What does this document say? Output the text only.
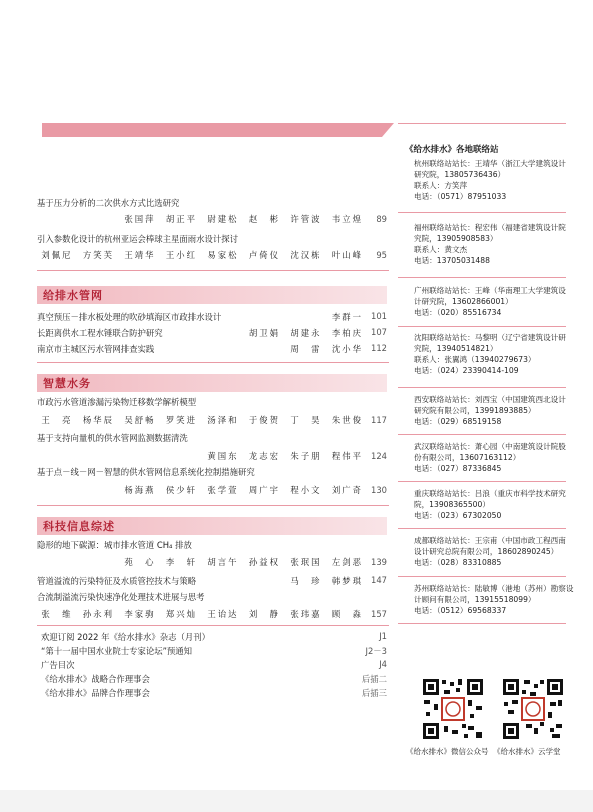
基于压力分析的二次供水方式比选研究
张国萍　胡正平　尉建松　赵　彬　许管波　韦立煌	89
引入参数化设计的杭州亚运会棒球主星面雨水设计探讨
刘佩尼　方笑芙　王靖华　王小红　易家松　卢倚仪　沈汉栋　叶山峰	95
给排水管网
真空预压－排水板处理的吹砂填海区市政排水设计	李群一 101
长距离供水工程水锤联合防护研究	胡卫娟　胡建永　李柏庆 107
南京市主城区污水管网排查实践	周　雷　沈小华 112
智慧水务
市政污水管道渗漏污染物迁移数学解析模型
王　亮　杨华辰　吴舒畅　罗笑进　汤泽和　于俊贺　丁　昊　朱世俊 117
基于支持向量机的供水管网监测数据清洗
黄国东　龙志宏　朱子朋　程伟平 124
基于点－线－网－智慧的供水管网信息系统化控制措施研究
杨海燕　侯少轩　张学萱　周广宇　程小文　刘广奇 130
科技信息综述
隐形的地下碳源：城市排水管道 CH₄ 排放
苑　心　李　轩　胡言午　孙益权　张珉国　左剑恶 139
管道溢流的污染特征及水质管控技术与策略	马　珍　韩梦琪 147
合流制溢流污染快速净化处理技术进展与思考
张　维　孙永利　李家驹　郑兴灿　王诒达　刘　静　张玮嘉　顾　淼 157
欢迎订阅 2022 年《给水排水》杂志（月刊）	J1
“第十一届中国水业院士专家论坛”预通知	J2－3
广告目次	J4
《给水排水》战略合作理事会	后插二
《给水排水》品牌合作理事会	后插三
《给水排水》各地联络站
杭州联络站站长：王靖华（浙江大学建筑设计
研究院，13805736436）
联系人：方笑萍
电话：（0571）87951033
福州联络站站长：程宏伟（福建省建筑设计院
究院，13905908583）
联系人：黄文杰
电话：13705031488
广州联络站站长：王峰（华南理工大学建筑设
计研究院，13602866001）
电话：（020）85516734
沈阳联络站站长：马黎明（辽宁省建筑设计研
究院，13940514821）
联系人：张翼鸿（13940279673）
电话：（024）23390414-109
西安联络站站长：刘西宝（中国建筑西北设计
研究院有限公司，13991893885）
电话：（029）68519158
武汉联络站站长：萧心园（中南建筑设计院股
份有限公司，13607163112）
电话：（027）87336845
重庆联络站站长：吕浪（重庆市科学技术研究
院，13908365500）
电话：（023）67302050
成都联络站站长：王宗甫（中国市政工程西南
设计研究总院有限公司，18602890245）
电话：（028）83310885
苏州联络站站长：陆敏博（港地（苏州）勘察设
计顾问有限公司，13915518099）
电话：（0512）69568337
《给水排水》微信公众号 《给水排水》云学堂
